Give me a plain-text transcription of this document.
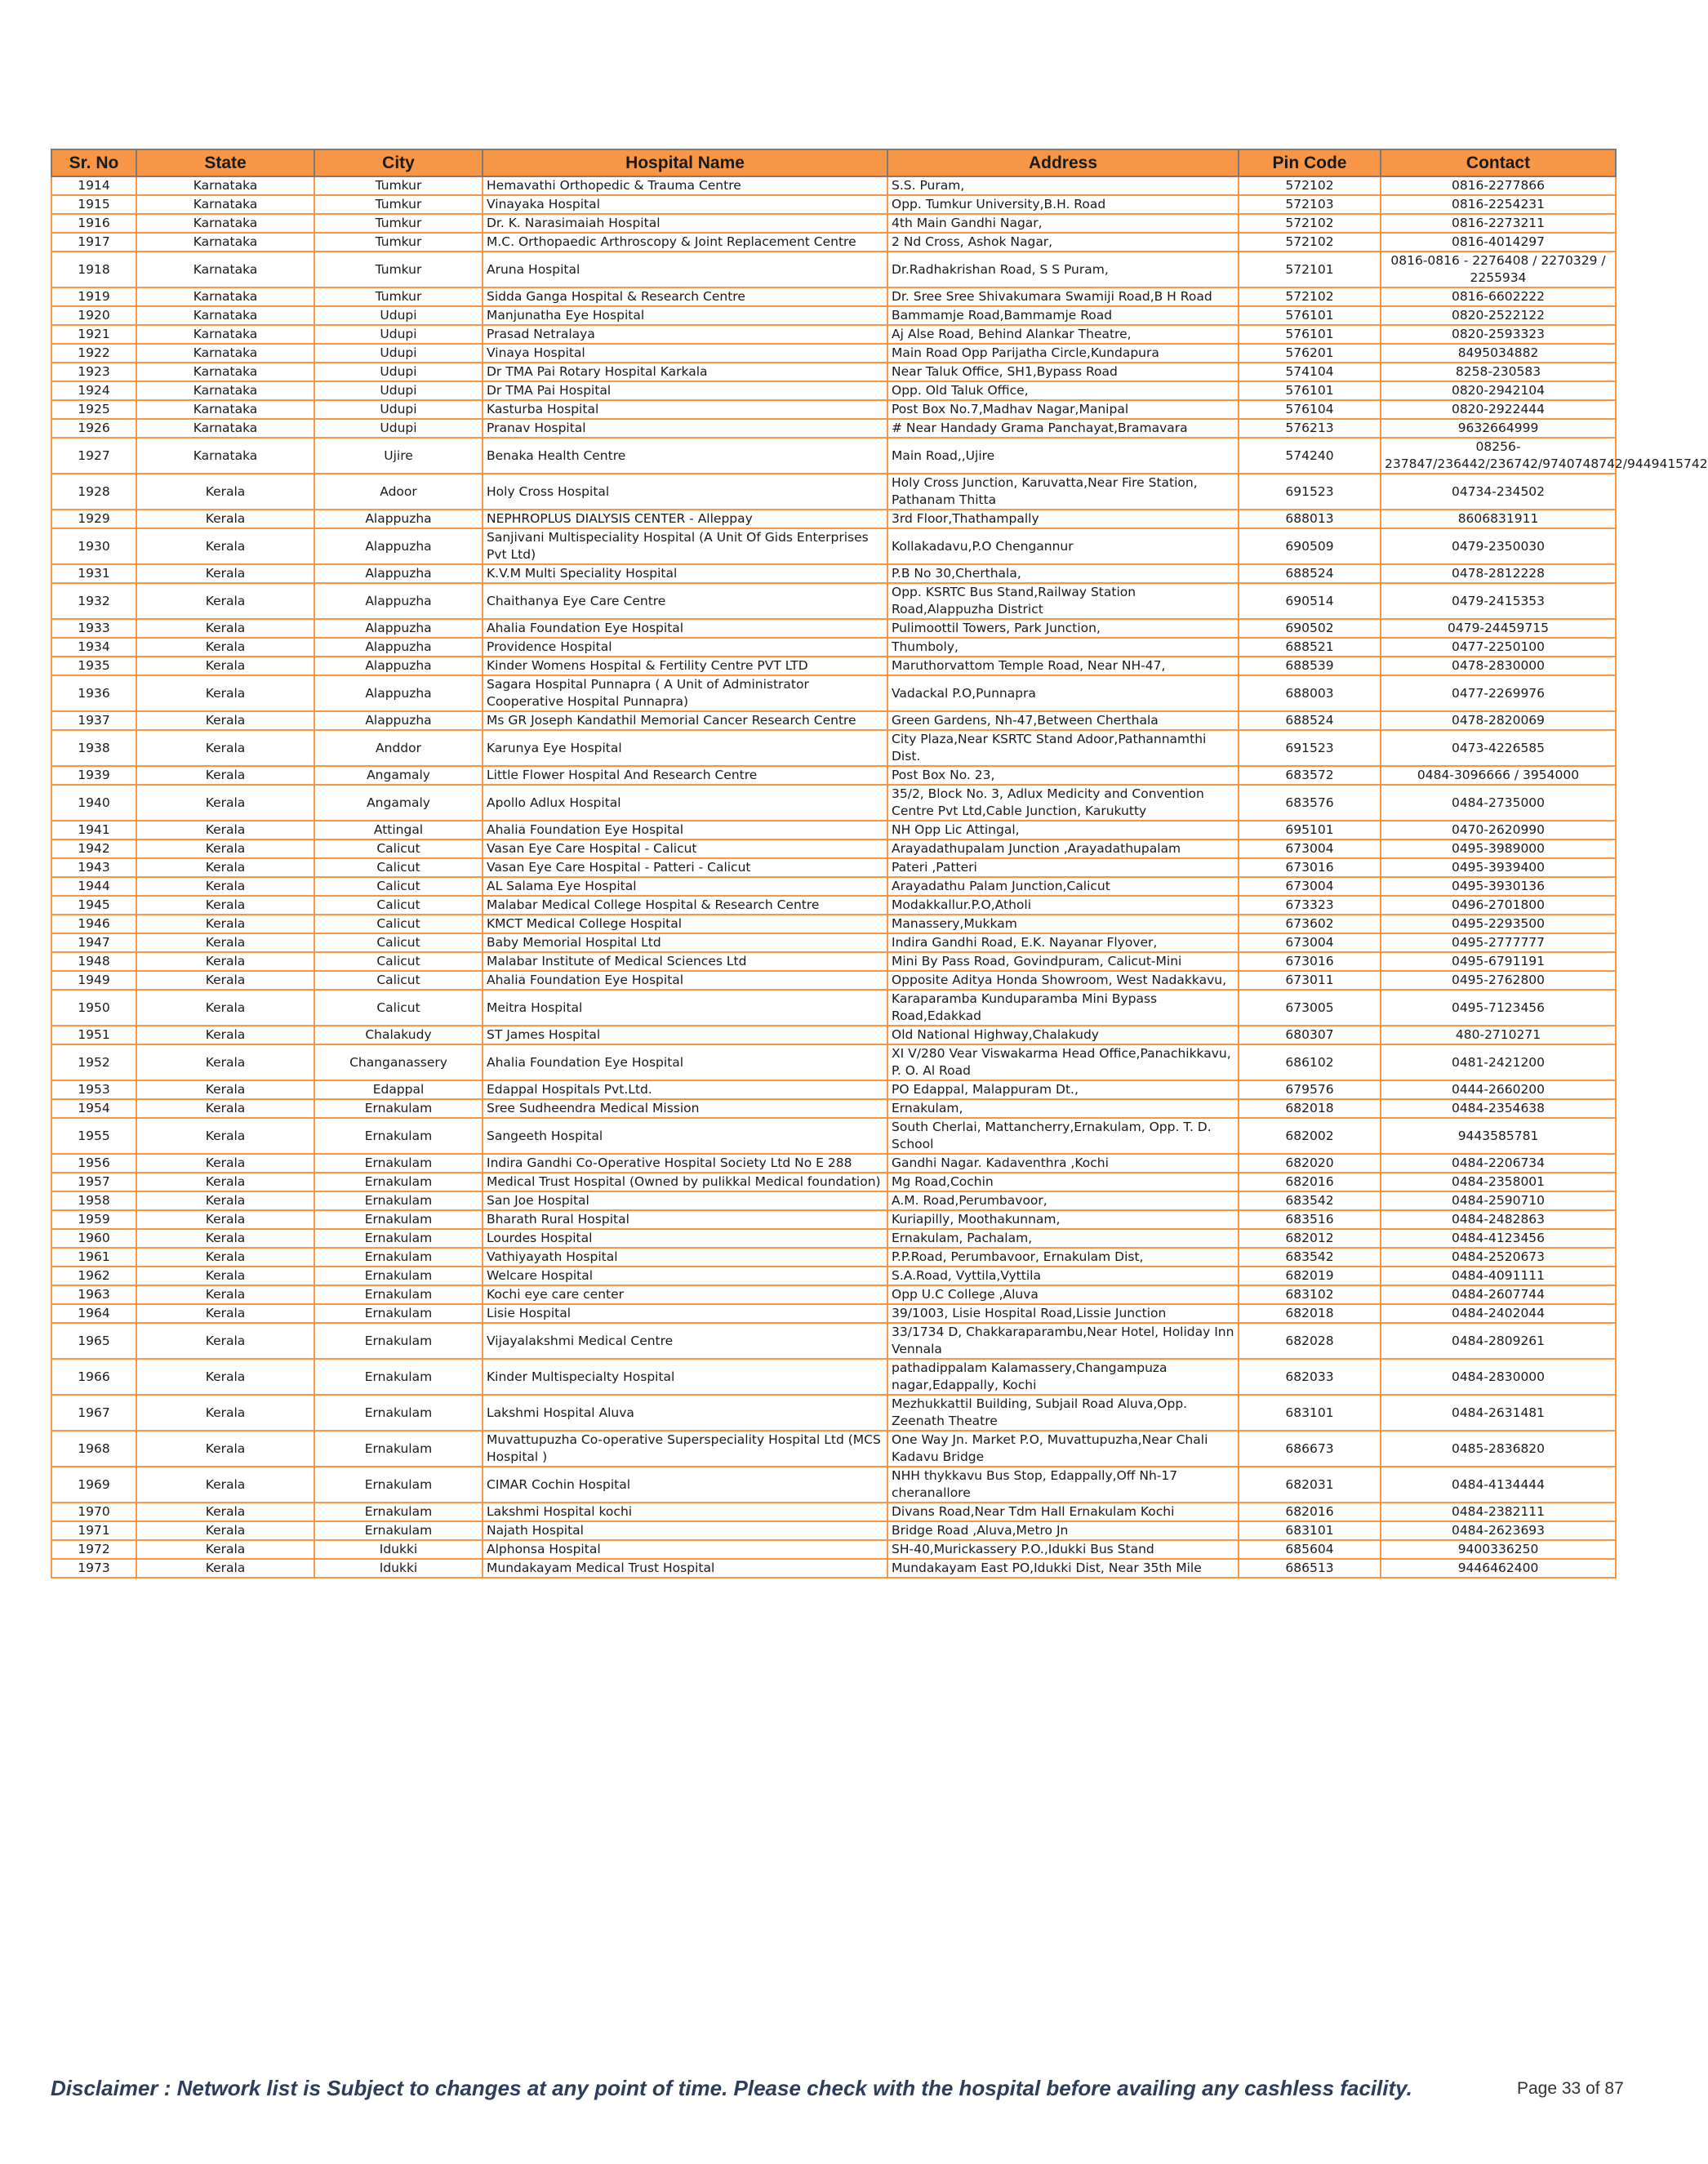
Sr. No	State	City	Hospital Name	Address	Pin Code	Contact
1914	Karnataka	Tumkur	Hemavathi Orthopedic & Trauma Centre	S.S. Puram,	572102	0816-2277866
1915	Karnataka	Tumkur	Vinayaka Hospital	Opp. Tumkur University,B.H. Road	572103	0816-2254231
1916	Karnataka	Tumkur	Dr. K. Narasimaiah Hospital	4th Main Gandhi Nagar,	572102	0816-2273211
1917	Karnataka	Tumkur	M.C. Orthopaedic Arthroscopy & Joint Replacement Centre	2 Nd Cross, Ashok Nagar,	572102	0816-4014297
1918	Karnataka	Tumkur	Aruna Hospital	Dr.Radhakrishan Road, S S Puram,	572101	0816-0816 - 2276408 / 2270329 / 2255934
1919	Karnataka	Tumkur	Sidda Ganga Hospital & Research Centre	Dr. Sree Sree Shivakumara Swamiji Road,B H Road	572102	0816-6602222
1920	Karnataka	Udupi	Manjunatha Eye Hospital	Bammamje Road,Bammamje Road	576101	0820-2522122
1921	Karnataka	Udupi	Prasad Netralaya	Aj Alse Road, Behind Alankar Theatre,	576101	0820-2593323
1922	Karnataka	Udupi	Vinaya Hospital	Main Road Opp Parijatha Circle,Kundapura	576201	8495034882
1923	Karnataka	Udupi	Dr TMA Pai Rotary Hospital Karkala	Near Taluk Office, SH1,Bypass Road	574104	8258-230583
1924	Karnataka	Udupi	Dr TMA Pai Hospital	Opp. Old Taluk Office,	576101	0820-2942104
1925	Karnataka	Udupi	Kasturba Hospital	Post Box No.7,Madhav Nagar,Manipal	576104	0820-2922444
1926	Karnataka	Udupi	Pranav Hospital	# Near Handady Grama Panchayat,Bramavara	576213	9632664999
1927	Karnataka	Ujire	Benaka Health Centre	Main Road,,Ujire	574240	08256-237847/236442/236742/9740748742/9449415742
1928	Kerala	Adoor	Holy Cross Hospital	Holy Cross Junction, Karuvatta,Near Fire Station, Pathanam Thitta	691523	04734-234502
1929	Kerala	Alappuzha	NEPHROPLUS DIALYSIS CENTER - Alleppay	3rd Floor,Thathampally	688013	8606831911
1930	Kerala	Alappuzha	Sanjivani Multispeciality Hospital (A Unit Of Gids Enterprises Pvt Ltd)	Kollakadavu,P.O Chengannur	690509	0479-2350030
1931	Kerala	Alappuzha	K.V.M Multi Speciality Hospital	P.B No 30,Cherthala,	688524	0478-2812228
1932	Kerala	Alappuzha	Chaithanya Eye Care Centre	Opp. KSRTC Bus Stand,Railway Station Road,Alappuzha District	690514	0479-2415353
1933	Kerala	Alappuzha	Ahalia Foundation Eye Hospital	Pulimoottil Towers, Park Junction,	690502	0479-24459715
1934	Kerala	Alappuzha	Providence Hospital	Thumboly,	688521	0477-2250100
1935	Kerala	Alappuzha	Kinder Womens Hospital & Fertility Centre PVT LTD	Maruthorvattom Temple Road, Near NH-47,	688539	0478-2830000
1936	Kerala	Alappuzha	Sagara Hospital Punnapra ( A Unit of Administrator Cooperative Hospital Punnapra)	Vadackal P.O,Punnapra	688003	0477-2269976
1937	Kerala	Alappuzha	Ms GR Joseph Kandathil Memorial Cancer Research Centre	Green Gardens, Nh-47,Between Cherthala	688524	0478-2820069
1938	Kerala	Anddor	Karunya Eye Hospital	City Plaza,Near KSRTC Stand Adoor,Pathannamthi Dist.	691523	0473-4226585
1939	Kerala	Angamaly	Little Flower Hospital And Research Centre	Post Box No. 23,	683572	0484-3096666 / 3954000
1940	Kerala	Angamaly	Apollo Adlux Hospital	35/2, Block No. 3, Adlux Medicity and Convention Centre Pvt Ltd,Cable Junction, Karukutty	683576	0484-2735000
1941	Kerala	Attingal	Ahalia Foundation Eye Hospital	NH Opp Lic Attingal,	695101	0470-2620990
1942	Kerala	Calicut	Vasan Eye Care Hospital - Calicut	Arayadathupalam Junction ,Arayadathupalam	673004	0495-3989000
1943	Kerala	Calicut	Vasan Eye Care Hospital - Patteri - Calicut	Pateri ,Patteri	673016	0495-3939400
1944	Kerala	Calicut	AL Salama Eye Hospital	Arayadathu Palam Junction,Calicut	673004	0495-3930136
1945	Kerala	Calicut	Malabar Medical College Hospital & Research Centre	Modakkallur.P.O,Atholi	673323	0496-2701800
1946	Kerala	Calicut	KMCT Medical College Hospital	Manassery,Mukkam	673602	0495-2293500
1947	Kerala	Calicut	Baby Memorial Hospital Ltd	Indira Gandhi Road, E.K. Nayanar Flyover,	673004	0495-2777777
1948	Kerala	Calicut	Malabar Institute of Medical Sciences Ltd	Mini By Pass Road, Govindpuram, Calicut-Mini	673016	0495-6791191
1949	Kerala	Calicut	Ahalia Foundation Eye Hospital	Opposite Aditya Honda Showroom, West Nadakkavu,	673011	0495-2762800
1950	Kerala	Calicut	Meitra Hospital	Karaparamba Kunduparamba Mini Bypass Road,Edakkad	673005	0495-7123456
1951	Kerala	Chalakudy	ST James Hospital	Old National Highway,Chalakudy	680307	480-2710271
1952	Kerala	Changanassery	Ahalia Foundation Eye Hospital	XI V/280 Vear Viswakarma Head Office,Panachikkavu, P. O. Al Road	686102	0481-2421200
1953	Kerala	Edappal	Edappal Hospitals Pvt.Ltd.	PO Edappal, Malappuram Dt.,	679576	0444-2660200
1954	Kerala	Ernakulam	Sree Sudheendra Medical Mission	Ernakulam,	682018	0484-2354638
1955	Kerala	Ernakulam	Sangeeth Hospital	South Cherlai, Mattancherry,Ernakulam, Opp. T. D. School	682002	9443585781
1956	Kerala	Ernakulam	Indira Gandhi Co-Operative Hospital Society Ltd No E 288	Gandhi Nagar. Kadaventhra ,Kochi	682020	0484-2206734
1957	Kerala	Ernakulam	Medical Trust Hospital (Owned by pulikkal Medical foundation)	Mg Road,Cochin	682016	0484-2358001
1958	Kerala	Ernakulam	San Joe Hospital	A.M. Road,Perumbavoor,	683542	0484-2590710
1959	Kerala	Ernakulam	Bharath Rural Hospital	Kuriapilly, Moothakunnam,	683516	0484-2482863
1960	Kerala	Ernakulam	Lourdes Hospital	Ernakulam, Pachalam,	682012	0484-4123456
1961	Kerala	Ernakulam	Vathiyayath Hospital	P.P.Road, Perumbavoor, Ernakulam Dist,	683542	0484-2520673
1962	Kerala	Ernakulam	Welcare Hospital	S.A.Road, Vyttila,Vyttila	682019	0484-4091111
1963	Kerala	Ernakulam	Kochi eye care center	Opp U.C College ,Aluva	683102	0484-2607744
1964	Kerala	Ernakulam	Lisie Hospital	39/1003, Lisie Hospital Road,Lissie Junction	682018	0484-2402044
1965	Kerala	Ernakulam	Vijayalakshmi Medical Centre	33/1734 D, Chakkaraparambu,Near Hotel, Holiday Inn Vennala	682028	0484-2809261
1966	Kerala	Ernakulam	Kinder Multispecialty Hospital	pathadippalam Kalamassery,Changampuza nagar,Edappally, Kochi	682033	0484-2830000
1967	Kerala	Ernakulam	Lakshmi Hospital Aluva	Mezhukkattil Building, Subjail Road Aluva,Opp. Zeenath Theatre	683101	0484-2631481
1968	Kerala	Ernakulam	Muvattupuzha Co-operative Superspeciality Hospital Ltd (MCS Hospital )	One Way Jn. Market P.O, Muvattupuzha,Near Chali Kadavu Bridge	686673	0485-2836820
1969	Kerala	Ernakulam	CIMAR Cochin Hospital	NHH thykkavu Bus Stop, Edappally,Off Nh-17 cheranallore	682031	0484-4134444
1970	Kerala	Ernakulam	Lakshmi Hospital kochi	Divans Road,Near Tdm Hall Ernakulam Kochi	682016	0484-2382111
1971	Kerala	Ernakulam	Najath Hospital	Bridge Road ,Aluva,Metro Jn	683101	0484-2623693
1972	Kerala	Idukki	Alphonsa Hospital	SH-40,Murickassery P.O.,Idukki Bus Stand	685604	9400336250
1973	Kerala	Idukki	Mundakayam Medical Trust Hospital	Mundakayam East PO,Idukki Dist, Near 35th Mile	686513	9446462400
Disclaimer : Network list is Subject to changes at any point of time. Please check with the hospital before availing any cashless facility.	Page 33 of 87
